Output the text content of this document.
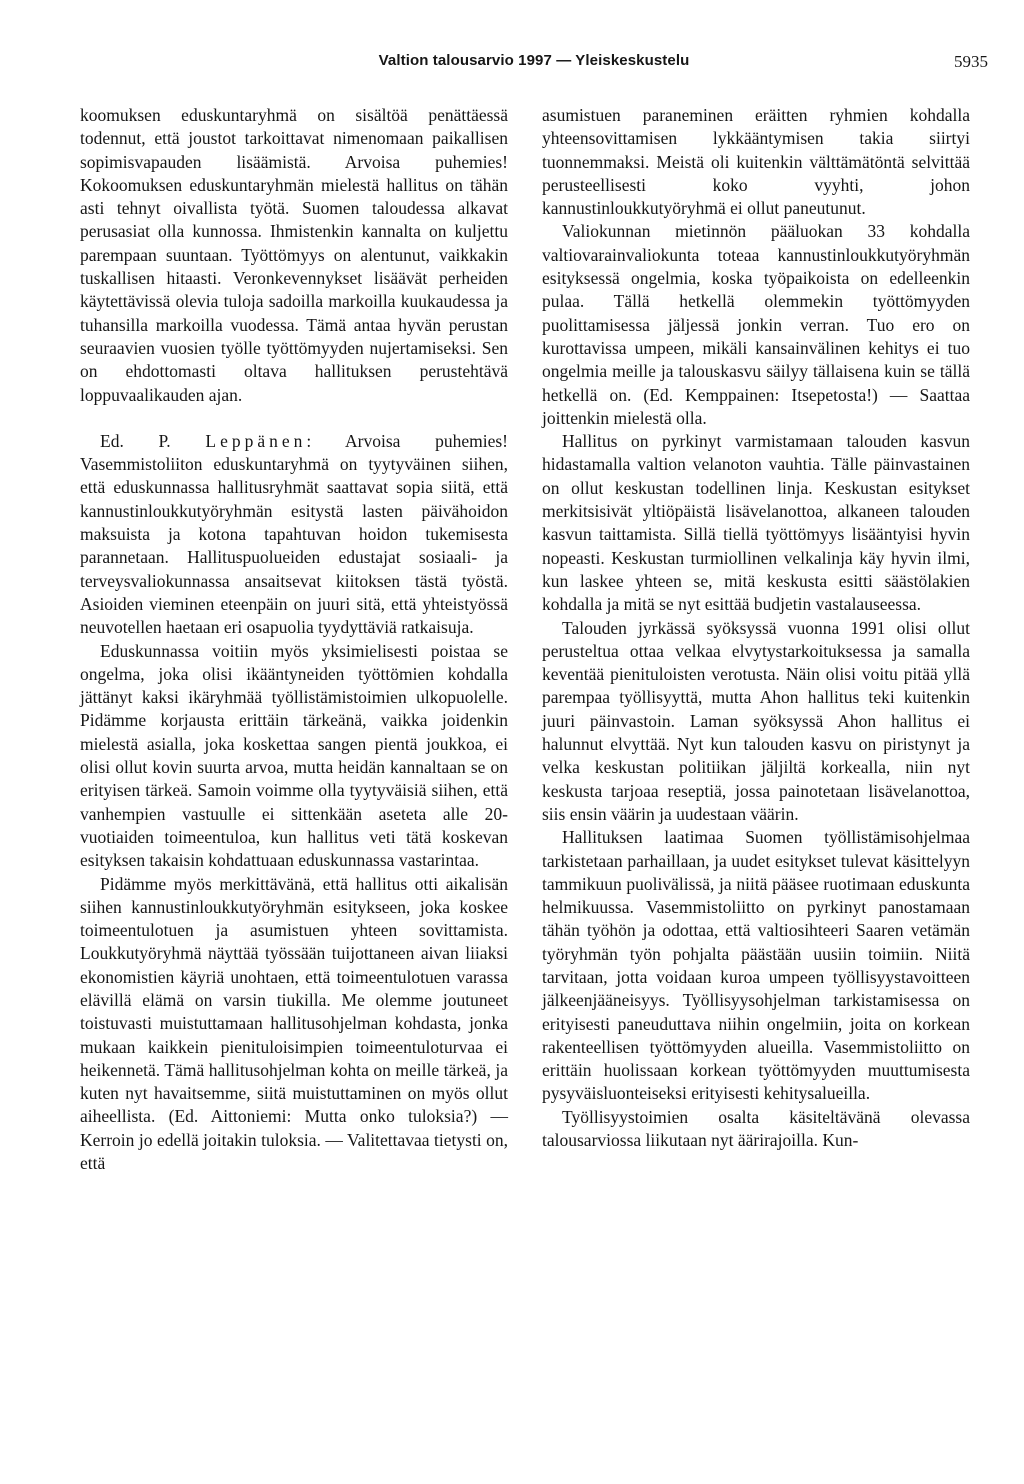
Valtion talousarvio 1997 — Yleiskeskustelu	5935

koomuksen eduskuntaryhmä on sisältöä penättäessä todennut, että joustot tarkoittavat nimenomaan paikallisen sopimisvapauden lisäämistä. Arvoisa puhemies! Kokoomuksen eduskuntaryhmän mielestä hallitus on tähän asti tehnyt oivallista työtä. Suomen taloudessa alkavat perusasiat olla kunnossa. Ihmistenkin kannalta on kuljettu parempaan suuntaan. Työttömyys on alentunut, vaikkakin tuskallisen hitaasti. Veronkevennykset lisäävät perheiden käytettävissä olevia tuloja sadoilla markoilla kuukaudessa ja tuhansilla markoilla vuodessa. Tämä antaa hyvän perustan seuraavien vuosien työlle työttömyyden nujertamiseksi. Sen on ehdottomasti oltava hallituksen perustehtävä loppuvaalikauden ajan.

Ed. P. Leppänen: Arvoisa puhemies! Vasemmistoliiton eduskuntaryhmä on tyytyväinen siihen, että eduskunnassa hallitusryhmät saattavat sopia siitä, että kannustinloukkutyöryhmän esitystä lasten päivähoidon maksuista ja kotona tapahtuvan hoidon tukemisesta parannetaan. Hallituspuolueiden edustajat sosiaali- ja terveysvaliokunnassa ansaitsevat kiitoksen tästä työstä. Asioiden vieminen eteenpäin on juuri sitä, että yhteistyössä neuvotellen haetaan eri osapuolia tyydyttäviä ratkaisuja.

Eduskunnassa voitiin myös yksimielisesti poistaa se ongelma, joka olisi ikääntyneiden työttömien kohdalla jättänyt kaksi ikäryhmää työllistämistoimien ulkopuolelle. Pidämme korjausta erittäin tärkeänä, vaikka joidenkin mielestä asialla, joka koskettaa sangen pientä joukkoa, ei olisi ollut kovin suurta arvoa, mutta heidän kannaltaan se on erityisen tärkeä. Samoin voimme olla tyytyväisiä siihen, että vanhempien vastuulle ei sittenkään aseteta alle 20-vuotiaiden toimeentuloa, kun hallitus veti tätä koskevan esityksen takaisin kohdattuaan eduskunnassa vastarintaa.

Pidämme myös merkittävänä, että hallitus otti aikalisän siihen kannustinloukkutyöryhmän esitykseen, joka koskee toimeentulotuen ja asumistuen yhteen sovittamista. Loukkutyöryhmä näyttää työssään tuijottaneen aivan liiaksi ekonomistien käyriä unohtaen, että toimeentulotuen varassa elävillä elämä on varsin tiukilla. Me olemme joutuneet toistuvasti muistuttamaan hallitusohjelman kohdasta, jonka mukaan kaikkein pienituloisimpien toimeentuloturvaa ei heikennetä. Tämä hallitusohjelman kohta on meille tärkeä, ja kuten nyt havaitsemme, siitä muistuttaminen on myös ollut aiheellista. (Ed. Aittoniemi: Mutta onko tuloksia?) — Kerroin jo edellä joitakin tuloksia. — Valitettavaa tietysti on, että

asumistuen paraneminen eräitten ryhmien kohdalla yhteensovittamisen lykkääntymisen takia siirtyi tuonnemmaksi. Meistä oli kuitenkin välttämätöntä selvittää perusteellisesti koko vyyhti, johon kannustinloukkutyöryhmä ei ollut paneutunut.

Valiokunnan mietinnön pääluokan 33 kohdalla valtiovarainvaliokunta toteaa kannustinloukkutyöryhmän esityksessä ongelmia, koska työpaikoista on edelleenkin pulaa. Tällä hetkellä olemmekin työttömyyden puolittamisessa jäljessä jonkin verran. Tuo ero on kurottavissa umpeen, mikäli kansainvälinen kehitys ei tuo ongelmia meille ja talouskasvu säilyy tällaisena kuin se tällä hetkellä on. (Ed. Kemppainen: Itsepetosta!) — Saattaa joittenkin mielestä olla.

Hallitus on pyrkinyt varmistamaan talouden kasvun hidastamalla valtion velanoton vauhtia. Tälle päinvastainen on ollut keskustan todellinen linja. Keskustan esitykset merkitsisivät yltiöpäistä lisävelanottoa, alkaneen talouden kasvun taittamista. Sillä tiellä työttömyys lisääntyisi hyvin nopeasti. Keskustan turmiollinen velkalinja käy hyvin ilmi, kun laskee yhteen se, mitä keskusta esitti säästölakien kohdalla ja mitä se nyt esittää budjetin vastalauseessa.

Talouden jyrkässä syöksyssä vuonna 1991 olisi ollut perusteltua ottaa velkaa elvytystarkoituksessa ja samalla keventää pienituloisten verotusta. Näin olisi voitu pitää yllä parempaa työllisyyttä, mutta Ahon hallitus teki kuitenkin juuri päinvastoin. Laman syöksyssä Ahon hallitus ei halunnut elvyttää. Nyt kun talouden kasvu on piristynyt ja velka keskustan politiikan jäljiltä korkealla, niin nyt keskusta tarjoaa reseptiä, jossa painotetaan lisävelanottoa, siis ensin väärin ja uudestaan väärin.

Hallituksen laatimaa Suomen työllistämisohjelmaa tarkistetaan parhaillaan, ja uudet esitykset tulevat käsittelyyn tammikuun puolivälissä, ja niitä pääsee ruotimaan eduskunta helmikuussa. Vasemmistoliitto on pyrkinyt panostamaan tähän työhön ja odottaa, että valtiosihteeri Saaren vetämän työryhmän työn pohjalta päästään uusiin toimiin. Niitä tarvitaan, jotta voidaan kuroa umpeen työllisyystavoitteen jälkeenjääneisyys. Työllisyysohjelman tarkistamisessa on erityisesti paneuduttava niihin ongelmiin, joita on korkean rakenteellisen työttömyyden alueilla. Vasemmistoliitto on erittäin huolissaan korkean työttömyyden muuttumisesta pysyväisluonteiseksi erityisesti kehitysalueilla.

Työllisyystoimien osalta käsiteltävänä olevassa talousarviossa liikutaan nyt äärirajoilla. Kun-
